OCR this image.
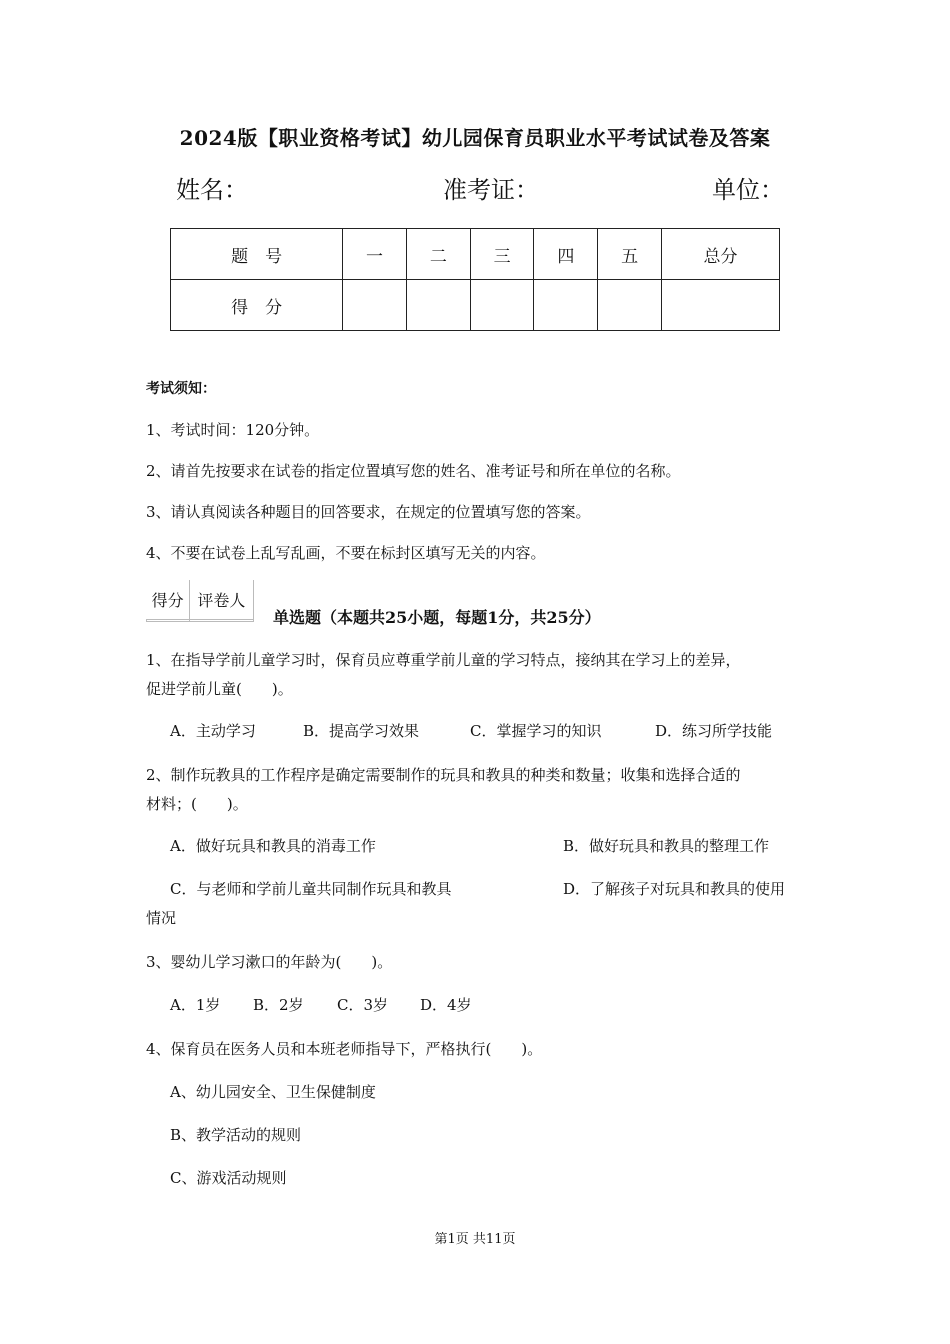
2024版【职业资格考试】幼儿园保育员职业水平考试试卷及答案
姓名：	准考证：	单位：
题　号	一	二	三	四	五	总分
得　分						
考试须知：
1、考试时间：120分钟。
2、请首先按要求在试卷的指定位置填写您的姓名、准考证号和所在单位的名称。
3、请认真阅读各种题目的回答要求，在规定的位置填写您的答案。
4、不要在试卷上乱写乱画，不要在标封区填写无关的内容。
得分	评卷人

单选题（本题共25小题，每题1分，共25分）
1、在指导学前儿童学习时，保育员应尊重学前儿童的学习特点，接纳其在学习上的差异，
促进学前儿童(　　)。
A．主动学习	B．提高学习效果	C．掌握学习的知识	D．练习所学技能
2、制作玩教具的工作程序是确定需要制作的玩具和教具的种类和数量；收集和选择合适的
材料；(　　)。
A．做好玩具和教具的消毒工作	B．做好玩具和教具的整理工作
C．与老师和学前儿童共同制作玩具和教具	D．了解孩子对玩具和教具的使用
情况
3、婴幼儿学习漱口的年龄为(　　)。
A．1岁 B．2岁 C．3岁 D．4岁
4、保育员在医务人员和本班老师指导下，严格执行(　　)。
A、幼儿园安全、卫生保健制度
B、教学活动的规则
C、游戏活动规则
第1页 共11页
